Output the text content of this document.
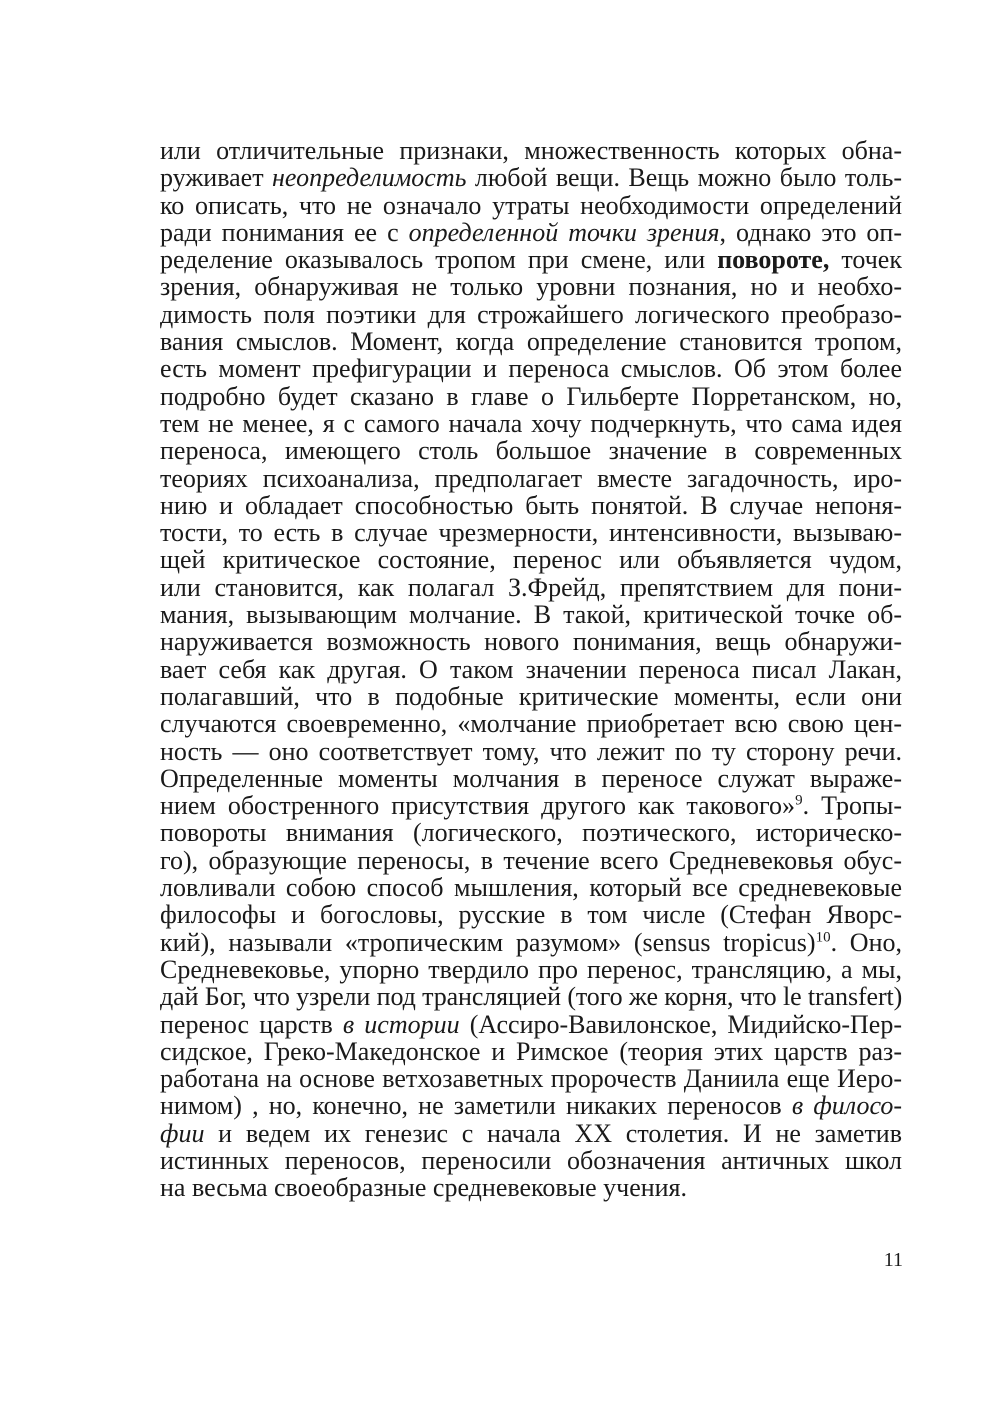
или отличительные признаки, множественность которых обна-
руживает неопределимость любой вещи. Вещь можно было толь-
ко описать, что не означало утраты необходимости определений
ради понимания ее с определенной точки зрения, однако это оп-
ределение оказывалось тропом при смене, или повороте, точек
зрения, обнаруживая не только уровни познания, но и необхо-
димость поля поэтики для строжайшего логического преобразо-
вания смыслов. Момент, когда определение становится тропом,
есть момент префигурации и переноса смыслов. Об этом более
подробно будет сказано в главе о Гильберте Порретанском, но,
тем не менее, я с самого начала хочу подчеркнуть, что сама идея
переноса, имеющего столь большое значение в современных
теориях психоанализа, предполагает вместе загадочность, иро-
нию и обладает способностью быть понятой. В случае непоня-
тости, то есть в случае чрезмерности, интенсивности, вызываю-
щей критическое состояние, перенос или объявляется чудом,
или становится, как полагал З.Фрейд, препятствием для пони-
мания, вызывающим молчание. В такой, критической точке об-
наруживается возможность нового понимания, вещь обнаружи-
вает себя как другая. О таком значении переноса писал Лакан,
полагавший, что в подобные критические моменты, если они
случаются своевременно, «молчание приобретает всю свою цен-
ность — оно соответствует тому, что лежит по ту сторону речи.
Определенные моменты молчания в переносе служат выраже-
нием обостренного присутствия другого как такового»$^9$. Тропы-
повороты внимания (логического, поэтического, историческо-
го), образующие переносы, в течение всего Средневековья обус-
ловливали собою способ мышления, который все средневековые
философы и богословы, русские в том числе (Стефан Яворс-
кий), называли «тропическим разумом» (sensus tropicus)$^{10}$. Оно,
Средневековье, упорно твердило про перенос, трансляцию, а мы,
дай Бог, что узрели под трансляцией (того же корня, что le transfert)
перенос царств в истории (Ассиро-Вавилонское, Мидийско-Пер-
сидское, Греко-Македонское и Римское (теория этих царств раз-
работана на основе ветхозаветных пророчеств Даниила еще Иеро-
нимом) , но, конечно, не заметили никаких переносов в филосо-
фии и ведем их генезис с начала XX столетия. И не заметив
истинных переносов, переносили обозначения античных школ
на весьма своеобразные средневековые учения.
11
